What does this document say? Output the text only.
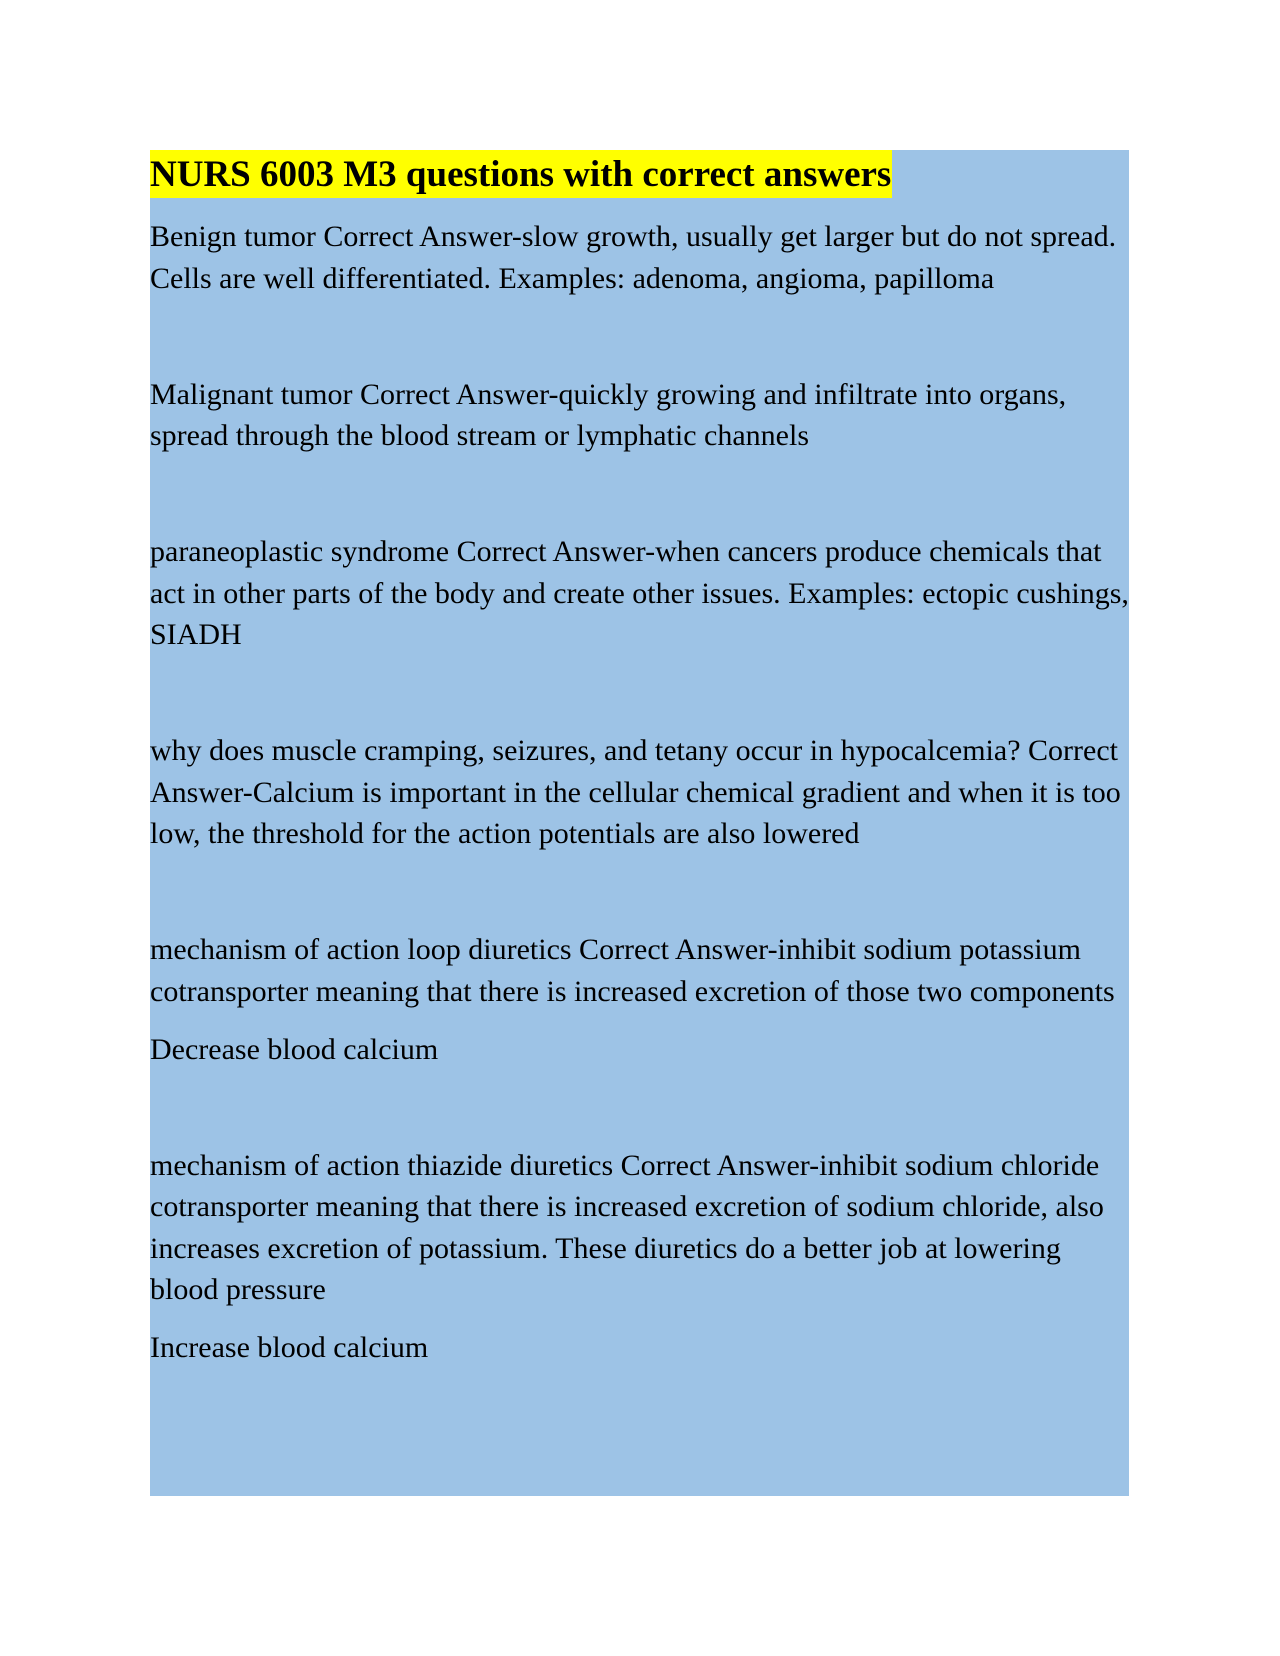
NURS 6003 M3 questions with correct answers

Benign tumor Correct Answer-slow growth, usually get larger but do not spread. Cells are well differentiated. Examples: adenoma, angioma, papilloma

Malignant tumor Correct Answer-quickly growing and infiltrate into organs, spread through the blood stream or lymphatic channels

paraneoplastic syndrome Correct Answer-when cancers produce chemicals that act in other parts of the body and create other issues. Examples: ectopic cushings, SIADH

why does muscle cramping, seizures, and tetany occur in hypocalcemia? Correct Answer-Calcium is important in the cellular chemical gradient and when it is too low, the threshold for the action potentials are also lowered

mechanism of action loop diuretics Correct Answer-inhibit sodium potassium cotransporter meaning that there is increased excretion of those two components

Decrease blood calcium

mechanism of action thiazide diuretics Correct Answer-inhibit sodium chloride cotransporter meaning that there is increased excretion of sodium chloride, also increases excretion of potassium. These diuretics do a better job at lowering blood pressure

Increase blood calcium
